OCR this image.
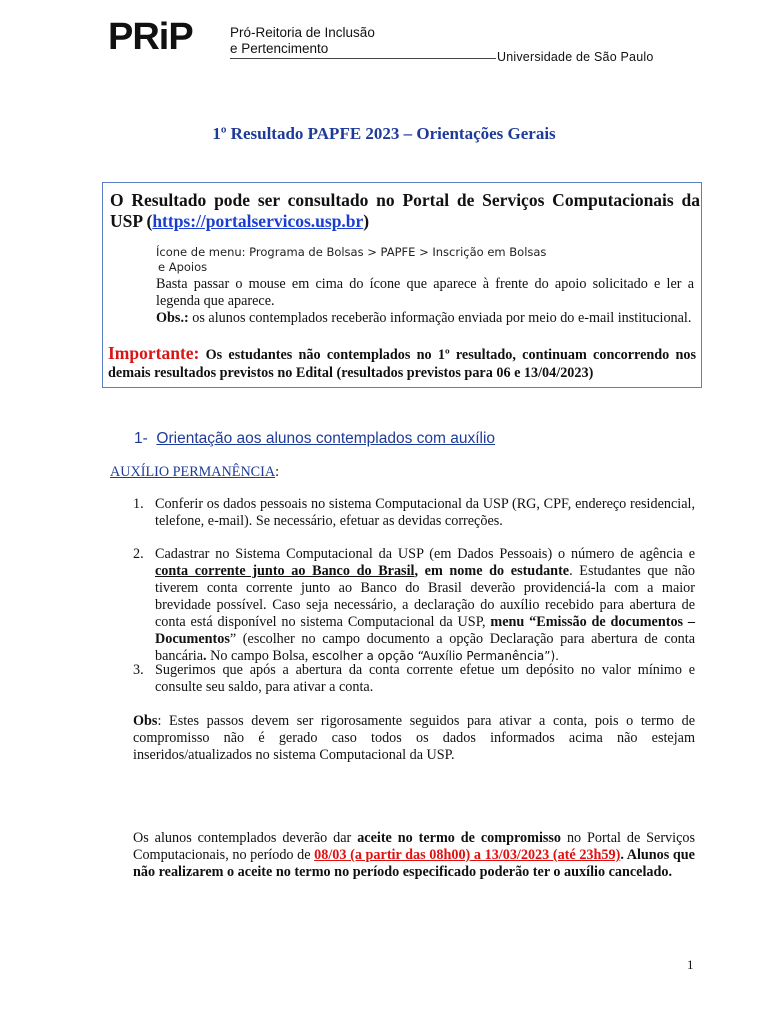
PRiP	Pró-Reitoria de Inclusão
e Pertencimento
Universidade de São Paulo
1º Resultado PAPFE 2023 – Orientações Gerais
O Resultado pode ser consultado no Portal de Serviços Computacionais da USP (https://portalservicos.usp.br)
Ícone de menu: Programa de Bolsas > PAPFE > Inscrição em Bolsas
e Apoios
Basta passar o mouse em cima do ícone que aparece à frente do apoio solicitado e ler a legenda que aparece.
Obs.: os alunos contemplados receberão informação enviada por meio do e-mail institucional.
Importante: Os estudantes não contemplados no 1º resultado, continuam concorrendo nos demais resultados previstos no Edital (resultados previstos para 06 e 13/04/2023)
1- Orientação aos alunos contemplados com auxílio
AUXÍLIO PERMANÊNCIA:
1. Conferir os dados pessoais no sistema Computacional da USP (RG, CPF, endereço residencial, telefone, e-mail). Se necessário, efetuar as devidas correções.
2. Cadastrar no Sistema Computacional da USP (em Dados Pessoais) o número de agência e conta corrente junto ao Banco do Brasil, em nome do estudante. Estudantes que não tiverem conta corrente junto ao Banco do Brasil deverão providenciá-la com a maior brevidade possível. Caso seja necessário, a declaração do auxílio recebido para abertura de conta está disponível no sistema Computacional da USP, menu “Emissão de documentos – Documentos” (escolher no campo documento a opção Declaração para abertura de conta bancária. No campo Bolsa, escolher a opção “Auxílio Permanência”).
3. Sugerimos que após a abertura da conta corrente efetue um depósito no valor mínimo e consulte seu saldo, para ativar a conta.
Obs: Estes passos devem ser rigorosamente seguidos para ativar a conta, pois o termo de compromisso não é gerado caso todos os dados informados acima não estejam inseridos/atualizados no sistema Computacional da USP.
Os alunos contemplados deverão dar aceite no termo de compromisso no Portal de Serviços Computacionais, no período de 08/03 (a partir das 08h00) a 13/03/2023 (até 23h59). Alunos que não realizarem o aceite no termo no período especificado poderão ter o auxílio cancelado.
1
